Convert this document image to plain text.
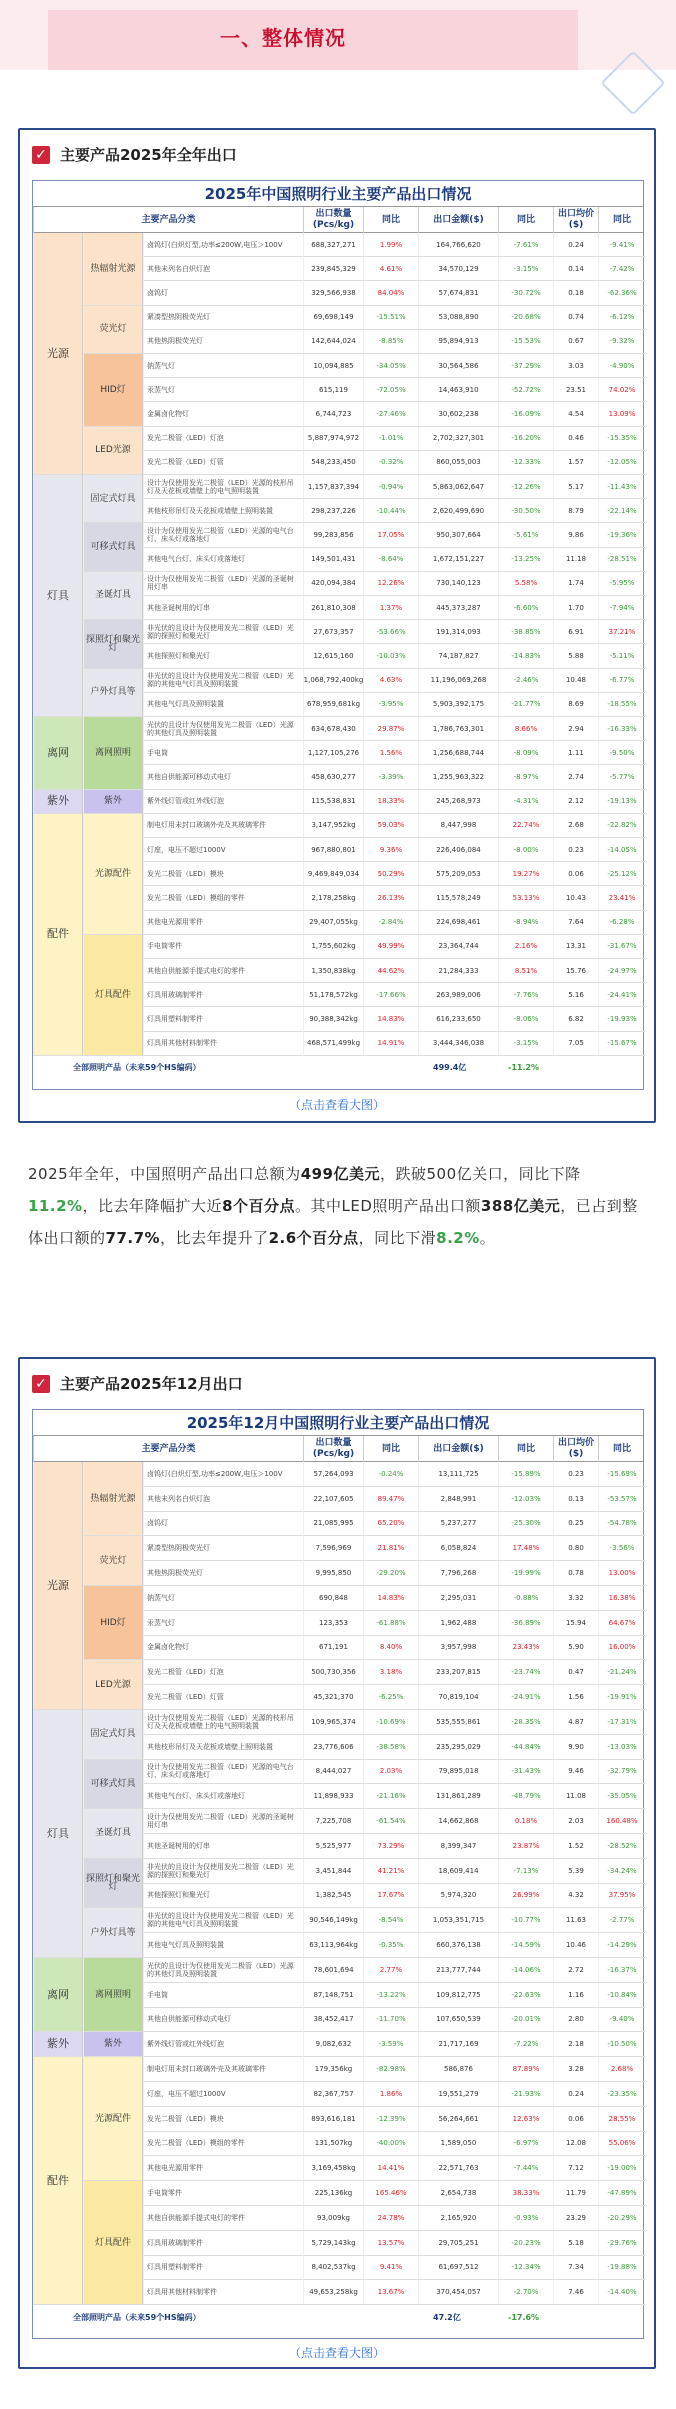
一、整体情况
✓ 主要产品2025年全年出口
2025年中国照明行业主要产品出口情况
主要产品分类
出口数量 (Pcs/kg)
同比	出口金额($)	同比
出口均价($)
同比
光源
热辐射光源
卤钨灯(白炽灯型,功率≤200W,电压＞100V	688,327,271	1.99%	164,766,620	-7.61%	0.24	-9.41%
其他未列名白炽灯泡	239,845,329	4.61%	34,570,129	-3.15%	0.14	-7.42%
卤钨灯	329,566,938	84.04%	57,674,831	-30.72%	0.18	-62.36%
荧光灯
紧凑型热阴极荧光灯	69,698,149	-15.51%	53,088,890	-20.68%	0.74	-6.12%
其他热阴极荧光灯	142,644,024	-8.85%	95,894,913	-15.53%	0.67	-9.32%
HID灯
钠蒸气灯	10,094,885	-34.05%	30,564,586	-37.29%	3.03	-4.90%
汞蒸气灯	615,119	-72.05%	14,463,910	-52.72%	23.51	74.02%
金属卤化物灯	6,744,723	-27.46%	30,602,238	-16.09%	4.54	13.09%
LED光源
发光二极管（LED）灯泡	5,887,974,972	-1.01%	2,702,327,301	-16.20%	0.46	-15.35%
发光二极管（LED）灯管	548,233,450	-0.32%	860,055,003	-12.33%	1.57	-12.05%
灯具
固定式灯具
设计为仅使用发光二极管（LED）光源的枝形吊灯及天花板或墙壁上的电气照明装置	1,157,837,394	-0.94%	5,863,062,647	-12.26%	5.17	-11.43%
其他枝形吊灯及天花板或墙壁上照明装置	298,237,226	-10.44%	2,620,499,690	-30.50%	8.79	-22.14%
可移式灯具
设计为仅使用发光二极管（LED）光源的电气台灯、床头灯或落地灯	99,283,856	17.05%	950,307,664	-5.61%	9.86	-19.36%
其他电气台灯、床头灯或落地灯	149,501,431	-8.64%	1,672,151,227	-13.25%	11.18	-28.51%
圣诞灯具
设计为仅使用发光二极管（LED）光源的圣诞树用灯串	420,094,384	12.26%	730,140,123	5.58%	1.74	-5.95%
其他圣诞树用的灯串	261,810,308	1.37%	445,373,287	-6.60%	1.70	-7.94%
探照灯和聚光灯
非光伏的且设计为仅使用发光二极管（LED）光源的探照灯和聚光灯	27,673,357	-53.66%	191,314,093	-38.85%	6.91	37.21%
其他探照灯和聚光灯	12,615,160	-10.03%	74,187,827	-14.83%	5.88	-5.11%
户外灯具等
非光伏的且设计为仅使用发光二极管（LED）光源的其他电气灯具及照明装置	1,068,792,400kg	4.63%	11,196,069,268	-2.46%	10.48	-6.77%
其他电气灯具及照明装置	678,959,681kg	-3.95%	5,903,392,175	-21.77%	8.69	-18.55%
离网	离网照明
光伏的且设计为仅使用发光二极管（LED）光源的其他灯具及照明装置	634,678,430	29.87%	1,786,763,301	8.66%	2.94	-16.33%
手电筒	1,127,105,276	1.56%	1,256,688,744	-8.09%	1.11	-9.50%
其他自供能源可移动式电灯	458,630,277	-3.39%	1,255,963,322	-8.97%	2.74	-5.77%
紫外	紫外	紫外线灯管或红外线灯泡	115,538,831	18.33%	245,268,973	-4.31%	2.12	-19.13%
配件
光源配件
制电灯用未封口玻璃外壳及其玻璃零件	3,147,952kg	59.03%	8,447,998	22.74%	2.68	-22.82%
灯座，电压不超过1000V	967,880,801	9.36%	226,406,084	-8.00%	0.23	-14.05%
发光二极管（LED）模块	9,469,849,034	50.29%	575,209,053	19.27%	0.06	-25.12%
发光二极管（LED）模组的零件	2,178,258kg	26.13%	115,578,249	53.13%	10.43	23.41%
其他电光源用零件	29,407,055kg	-2.84%	224,698,461	-8.94%	7.64	-6.28%
灯具配件
手电筒零件	1,755,602kg	49.99%	23,364,744	2.16%	13.31	-31.67%
其他自供能源手提式电灯的零件	1,350,838kg	44.62%	21,284,333	8.51%	15.76	-24.97%
灯具用玻璃制零件	51,178,572kg	-17.66%	263,989,006	-7.76%	5.16	-24.41%
灯具用塑料制零件	90,388,342kg	14.83%	616,233,650	-8.06%	6.82	-19.93%
灯具用其他材料制零件	468,571,499kg	14.91%	3,444,346,038	-3.15%	7.05	-15.67%
全部照明产品（未来59个HS编码）	499.4亿	-11.2%
（点击查看大图）

2025年全年，中国照明产品出口总额为499亿美元，跌破500亿关口，同比下降11.2%，比去年降幅扩大近8个百分点。其中LED照明产品出口额388亿美元，已占到整体出口额的77.7%，比去年提升了2.6个百分点，同比下滑8.2%。

✓ 主要产品2025年12月出口
2025年12月中国照明行业主要产品出口情况
主要产品分类
出口数量 (Pcs/kg)
同比	出口金额($)	同比
出口均价($)
同比
光源
热辐射光源
卤钨灯(白炽灯型,功率≤200W,电压＞100V	57,264,093	-0.24%	13,111,725	-15.89%	0.23	-15.69%
其他未列名白炽灯泡	22,107,605	89.47%	2,848,991	-12.03%	0.13	-53.57%
卤钨灯	21,085,995	65.20%	5,237,277	-25.30%	0.25	-54.78%
荧光灯
紧凑型热阴极荧光灯	7,596,969	21.81%	6,058,824	17.48%	0.80	-3.56%
其他热阴极荧光灯	9,995,850	-29.20%	7,796,268	-19.99%	0.78	13.00%
HID灯
钠蒸气灯	690,848	14.83%	2,295,031	-0.88%	3.32	16.38%
汞蒸气灯	123,353	-61.88%	1,962,488	-36.89%	15.94	64.67%
金属卤化物灯	671,191	8.40%	3,957,998	23.43%	5.90	16.00%
LED光源
发光二极管（LED）灯泡	500,730,356	3.18%	233,207,815	-23.74%	0.47	-21.24%
发光二极管（LED）灯管	45,321,370	-6.25%	70,819,104	-24.91%	1.56	-19.91%
灯具
固定式灯具
设计为仅使用发光二极管（LED）光源的枝形吊灯及天花板或墙壁上的电气照明装置	109,965,374	-10.69%	535,555,861	-28.35%	4.87	-17.31%
其他枝形吊灯及天花板或墙壁上照明装置	23,776,606	-38.58%	235,295,029	-44.84%	9.90	-13.03%
可移式灯具
设计为仅使用发光二极管（LED）光源的电气台灯、床头灯或落地灯	8,444,027	2.03%	79,895,018	-31.43%	9.46	-32.79%
其他电气台灯、床头灯或落地灯	11,898,933	-21.16%	131,861,289	-48.79%	11.08	-35.05%
圣诞灯具
设计为仅使用发光二极管（LED）光源的圣诞树用灯串	7,225,708	-61.54%	14,662,868	0.18%	2.03	160.48%
其他圣诞树用的灯串	5,525,977	73.29%	8,399,347	23.87%	1.52	-28.52%
探照灯和聚光灯
非光伏的且设计为仅使用发光二极管（LED）光源的探照灯和聚光灯	3,451,844	41.21%	18,609,414	-7.13%	5.39	-34.24%
其他探照灯和聚光灯	1,382,545	17.67%	5,974,320	26.99%	4.32	37.95%
户外灯具等
非光伏的且设计为仅使用发光二极管（LED）光源的其他电气灯具及照明装置	90,546,149kg	-8.54%	1,053,351,715	-10.77%	11.63	-2.77%
其他电气灯具及照明装置	63,113,964kg	-0.35%	660,376,138	-14.59%	10.46	-14.29%
离网	离网照明
光伏的且设计为仅使用发光二极管（LED）光源的其他灯具及照明装置	78,601,694	2.77%	213,777,744	-14.06%	2.72	-16.37%
手电筒	87,148,751	-13.22%	109,812,775	-22.63%	1.16	-10.84%
其他自供能源可移动式电灯	38,452,417	-11.70%	107,650,539	-20.01%	2.80	-9.40%
紫外	紫外	紫外线灯管或红外线灯泡	9,082,632	-3.59%	21,717,169	-7.22%	2.18	-10.50%
配件
光源配件
制电灯用未封口玻璃外壳及其玻璃零件	179,356kg	-82.98%	586,876	87.89%	3.28	2.68%
灯座，电压不超过1000V	82,367,757	1.86%	19,551,279	-21.93%	0.24	-23.35%
发光二极管（LED）模块	893,616,181	-12.39%	56,264,661	12.63%	0.06	28.55%
发光二极管（LED）模组的零件	131,507kg	-40.00%	1,589,050	-6.97%	12.08	55.06%
其他电光源用零件	3,169,458kg	14.41%	22,571,763	-7.44%	7.12	-19.00%
灯具配件
手电筒零件	225,136kg	165.46%	2,654,738	38.33%	11.79	-47.89%
其他自供能源手提式电灯的零件	93,009kg	24.78%	2,165,920	-0.93%	23.29	-20.29%
灯具用玻璃制零件	5,729,143kg	13.57%	29,705,251	-20.23%	5.18	-29.76%
灯具用塑料制零件	8,402,537kg	9.41%	61,697,512	-12.34%	7.34	-19.88%
灯具用其他材料制零件	49,653,258kg	13.67%	370,454,057	-2.70%	7.46	-14.40%
全部照明产品（未来59个HS编码）	47.2亿	-17.6%
（点击查看大图）
